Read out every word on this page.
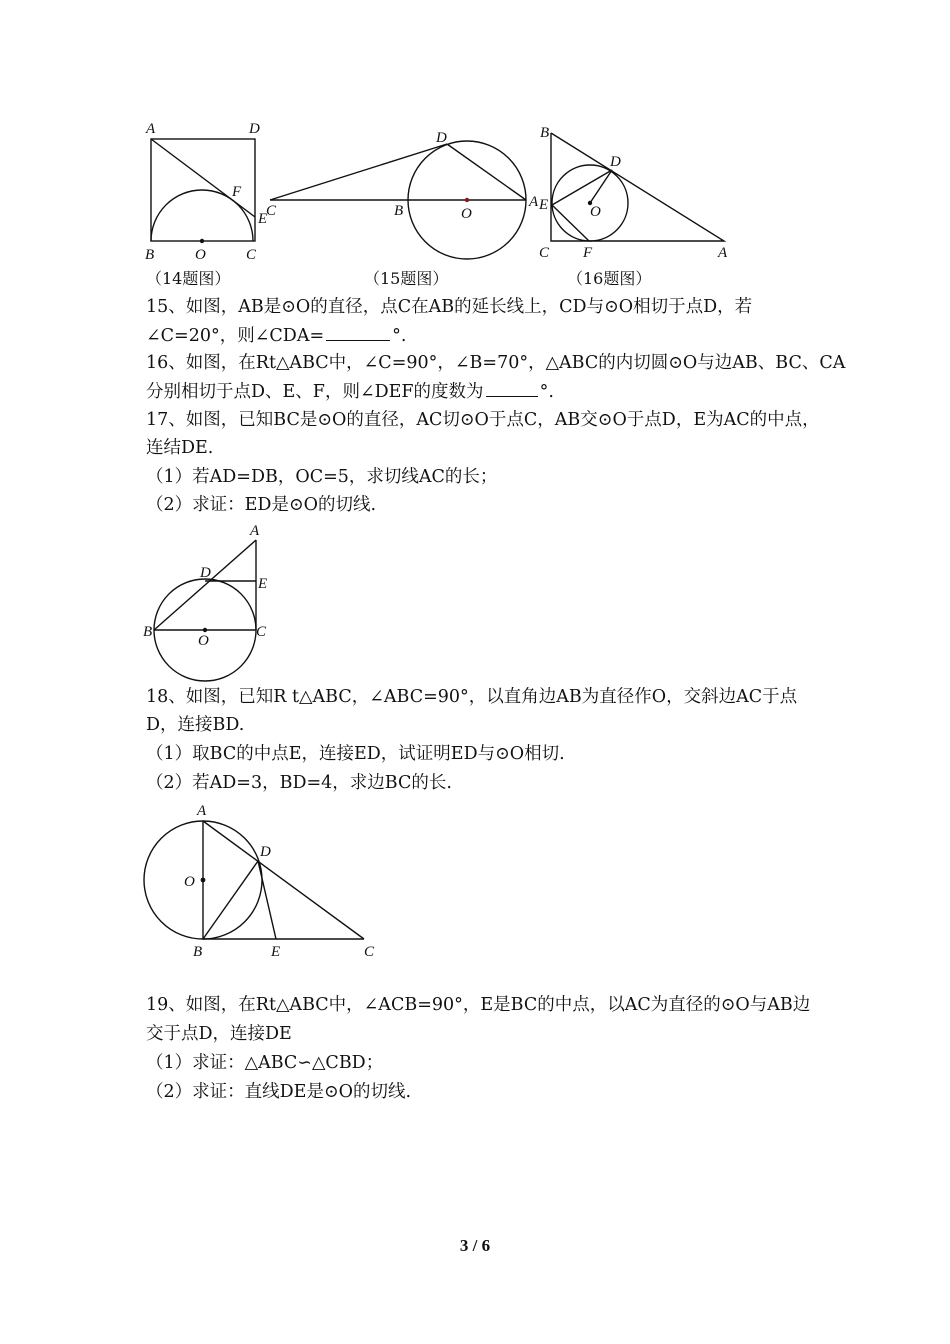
A	D
F
E
B	O	C
D
C	B	O
A
B
D
E	O
C F	A
（14题图）	（15题图）	（16题图）
15、如图，AB是⊙O的直径，点C在AB的延长线上，CD与⊙O相切于点D，若
∠C=20°，则∠CDA=	°.
16、如图，在Rt△ABC中，∠C=90°，∠B=70°，△ABC的内切圆⊙O与边AB、BC、CA
分别相切于点D、E、F，则∠DEF的度数为	°.
17、如图，已知BC是⊙O的直径，AC切⊙O于点C，AB交⊙O于点D，E为AC的中点，
连结DE.
（1）若AD=DB，OC=5，求切线AC的长；
（2）求证：ED是⊙O的切线.
A
D
E
B
O
C
18、如图，已知R t△ABC，∠ABC=90°，以直角边AB为直径作O，交斜边AC于点
D，连接BD.
（1）取BC的中点E，连接ED，试证明ED与⊙O相切.
（2）若AD=3，BD=4，求边BC的长.
A
D
O
B	E	C
19、如图，在Rt△ABC中，∠ACB=90°，E是BC的中点，以AC为直径的⊙O与AB边
交于点D，连接DE
（1）求证：△ABC∽△CBD；
（2）求证：直线DE是⊙O的切线.
3 / 6
